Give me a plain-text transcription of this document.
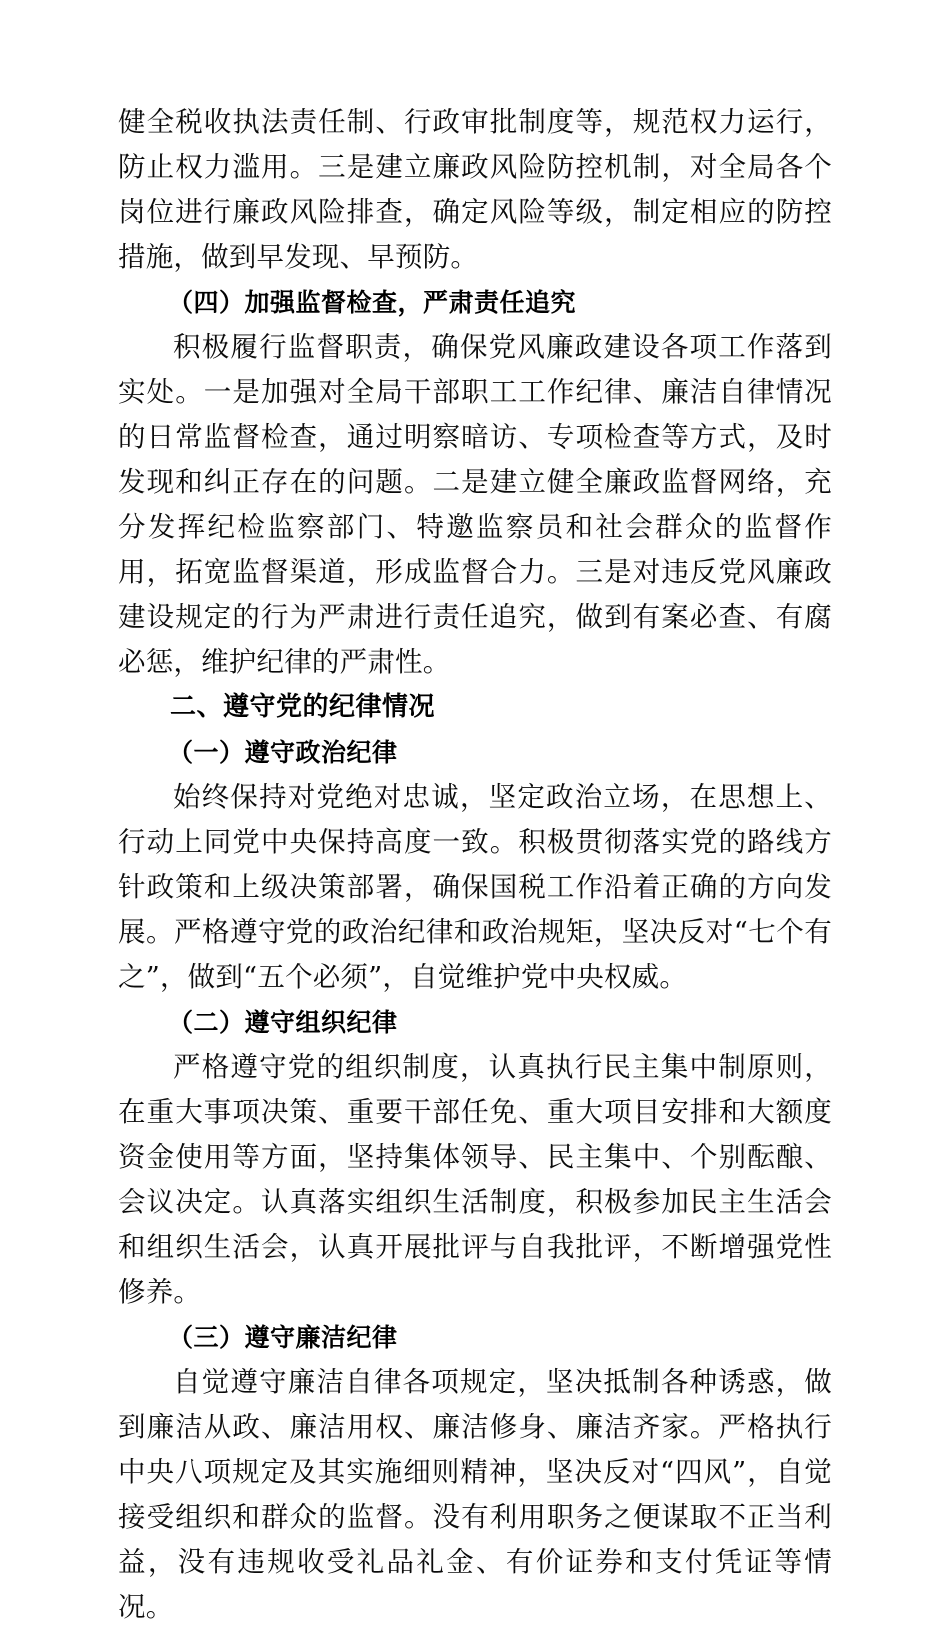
健全税收执法责任制、行政审批制度等，规范权力运行，防止权力滥用。三是建立廉政风险防控机制，对全局各个岗位进行廉政风险排查，确定风险等级，制定相应的防控措施，做到早发现、早预防。

（四）加强监督检查，严肃责任追究

积极履行监督职责，确保党风廉政建设各项工作落到实处。一是加强对全局干部职工工作纪律、廉洁自律情况的日常监督检查，通过明察暗访、专项检查等方式，及时发现和纠正存在的问题。二是建立健全廉政监督网络，充分发挥纪检监察部门、特邀监察员和社会群众的监督作用，拓宽监督渠道，形成监督合力。三是对违反党风廉政建设规定的行为严肃进行责任追究，做到有案必查、有腐必惩，维护纪律的严肃性。

二、遵守党的纪律情况

（一）遵守政治纪律

始终保持对党绝对忠诚，坚定政治立场，在思想上、行动上同党中央保持高度一致。积极贯彻落实党的路线方针政策和上级决策部署，确保国税工作沿着正确的方向发展。严格遵守党的政治纪律和政治规矩，坚决反对“七个有之”，做到“五个必须”，自觉维护党中央权威。

（二）遵守组织纪律

严格遵守党的组织制度，认真执行民主集中制原则，在重大事项决策、重要干部任免、重大项目安排和大额度资金使用等方面，坚持集体领导、民主集中、个别酝酿、会议决定。认真落实组织生活制度，积极参加民主生活会和组织生活会，认真开展批评与自我批评，不断增强党性修养。

（三）遵守廉洁纪律

自觉遵守廉洁自律各项规定，坚决抵制各种诱惑，做到廉洁从政、廉洁用权、廉洁修身、廉洁齐家。严格执行中央八项规定及其实施细则精神，坚决反对“四风”，自觉接受组织和群众的监督。没有利用职务之便谋取不正当利益，没有违规收受礼品礼金、有价证券和支付凭证等情况。
